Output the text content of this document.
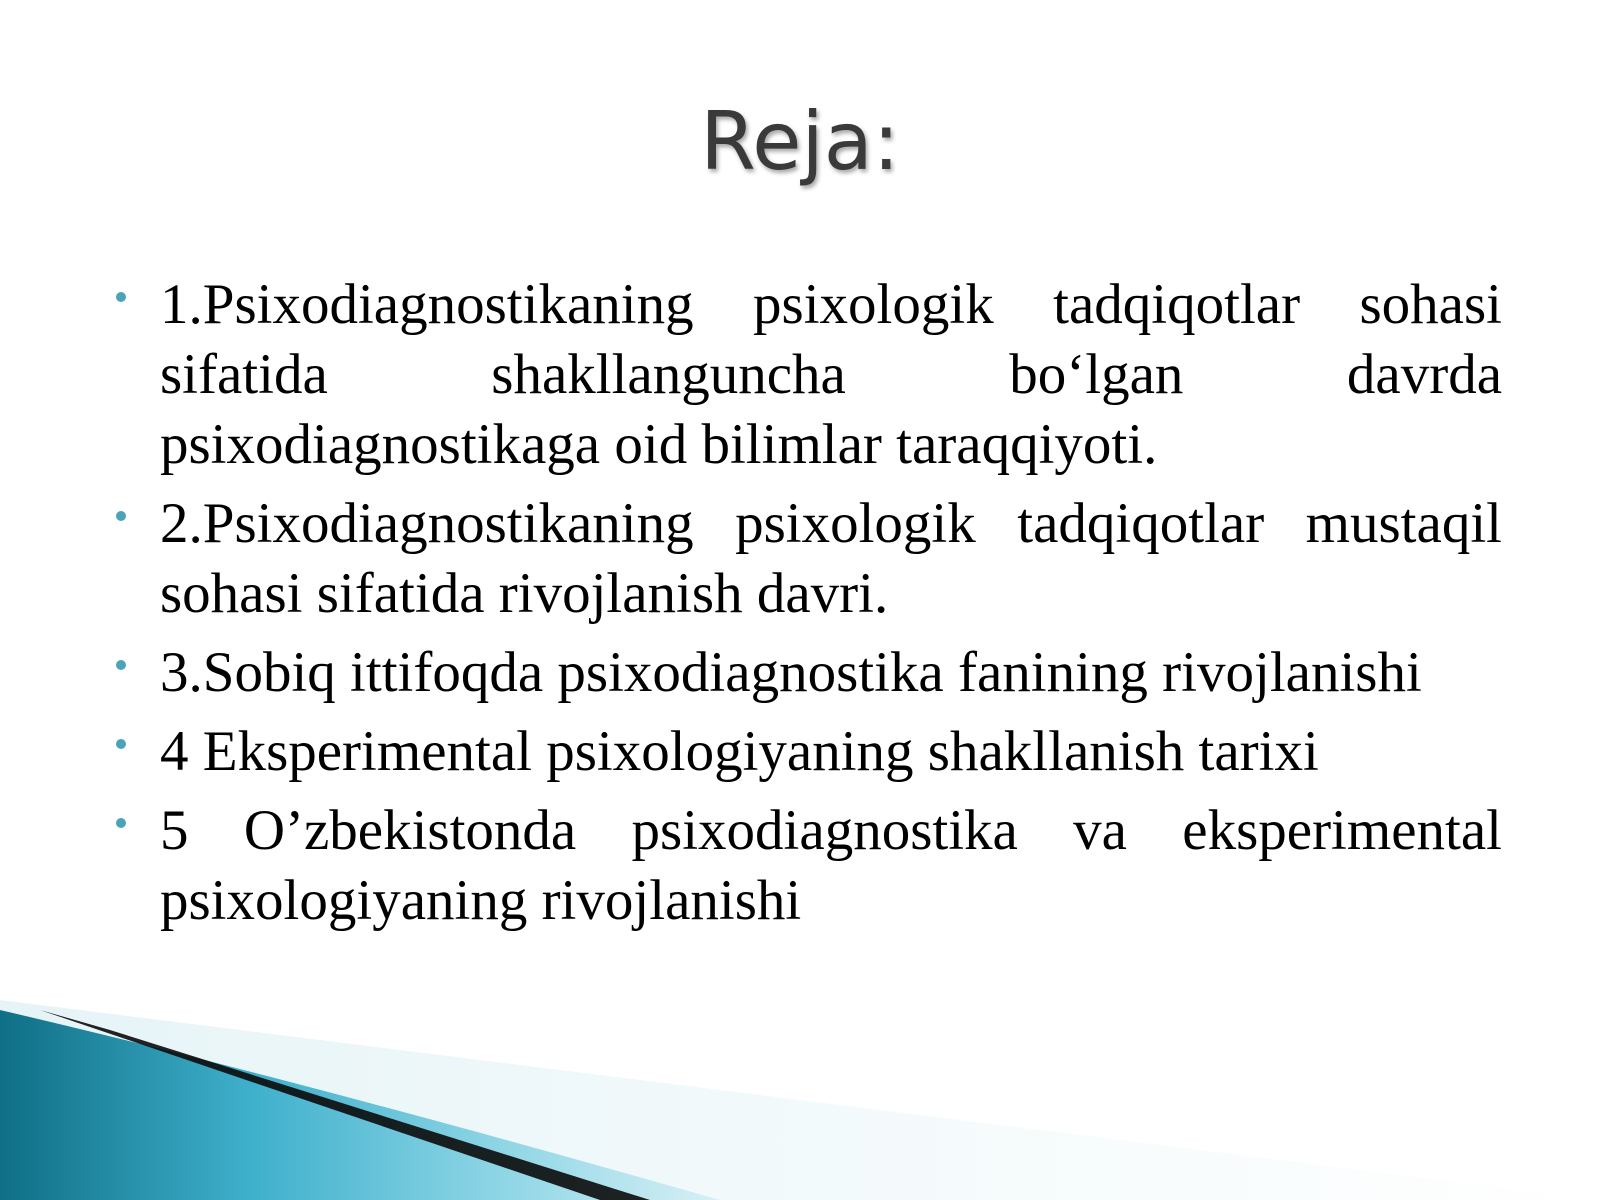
Reja:
1.Psixodiagnostikaning psixologik tadqiqotlar sohasi sifatida shakllanguncha bo‘lgan davrda psixodiagnostikaga oid bilimlar taraqqiyoti.
2.Psixodiagnostikaning psixologik tadqiqotlar mustaqil sohasi sifatida rivojlanish davri.
3.Sobiq ittifoqda psixodiagnostika fanining rivojlanishi
4 Eksperimental psixologiyaning shakllanish tarixi
5 O’zbekistonda psixodiagnostika va eksperimental psixologiyaning rivojlanishi
